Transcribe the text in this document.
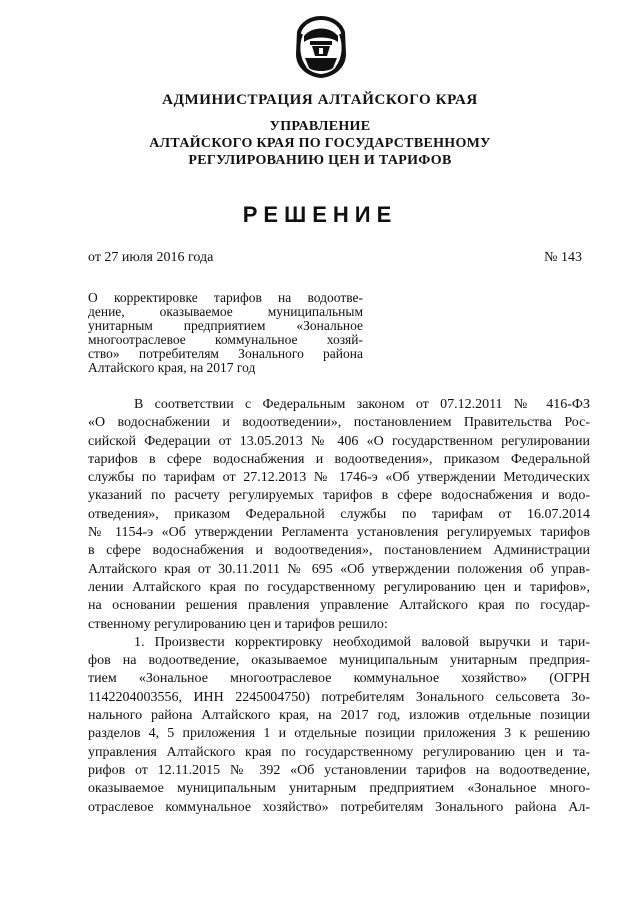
АДМИНИСТРАЦИЯ АЛТАЙСКОГО КРАЯ
УПРАВЛЕНИЕ
АЛТАЙСКОГО КРАЯ ПО ГОСУДАРСТВЕННОМУ
РЕГУЛИРОВАНИЮ ЦЕН И ТАРИФОВ
РЕШЕНИЕ
от 27 июля 2016 года	№ 143
О корректировке тарифов на водоотве-
дение, оказываемое муниципальным
унитарным предприятием «Зональное
многоотраслевое коммунальное хозяй-
ство» потребителям Зонального района
Алтайского края, на 2017 год
В соответствии с Федеральным законом от 07.12.2011 № 416-ФЗ
«О водоснабжении и водоотведении», постановлением Правительства Рос-
сийской Федерации от 13.05.2013 № 406 «О государственном регулировании
тарифов в сфере водоснабжения и водоотведения», приказом Федеральной
службы по тарифам от 27.12.2013 № 1746-э «Об утверждении Методических
указаний по расчету регулируемых тарифов в сфере водоснабжения и водо-
отведения», приказом Федеральной службы по тарифам от 16.07.2014
№ 1154-э «Об утверждении Регламента установления регулируемых тарифов
в сфере водоснабжения и водоотведения», постановлением Администрации
Алтайского края от 30.11.2011 № 695 «Об утверждении положения об управ-
лении Алтайского края по государственному регулированию цен и тарифов»,
на основании решения правления управление Алтайского края по государ-
ственному регулированию цен и тарифов решило:
1. Произвести корректировку необходимой валовой выручки и тари-
фов на водоотведение, оказываемое муниципальным унитарным предприя-
тием «Зональное многоотраслевое коммунальное хозяйство» (ОГРН
1142204003556, ИНН 2245004750) потребителям Зонального сельсовета Зо-
нального района Алтайского края, на 2017 год, изложив отдельные позиции
разделов 4, 5 приложения 1 и отдельные позиции приложения 3 к решению
управления Алтайского края по государственному регулированию цен и та-
рифов от 12.11.2015 № 392 «Об установлении тарифов на водоотведение,
оказываемое муниципальным унитарным предприятием «Зональное много-
отраслевое коммунальное хозяйство» потребителям Зонального района Ал-
